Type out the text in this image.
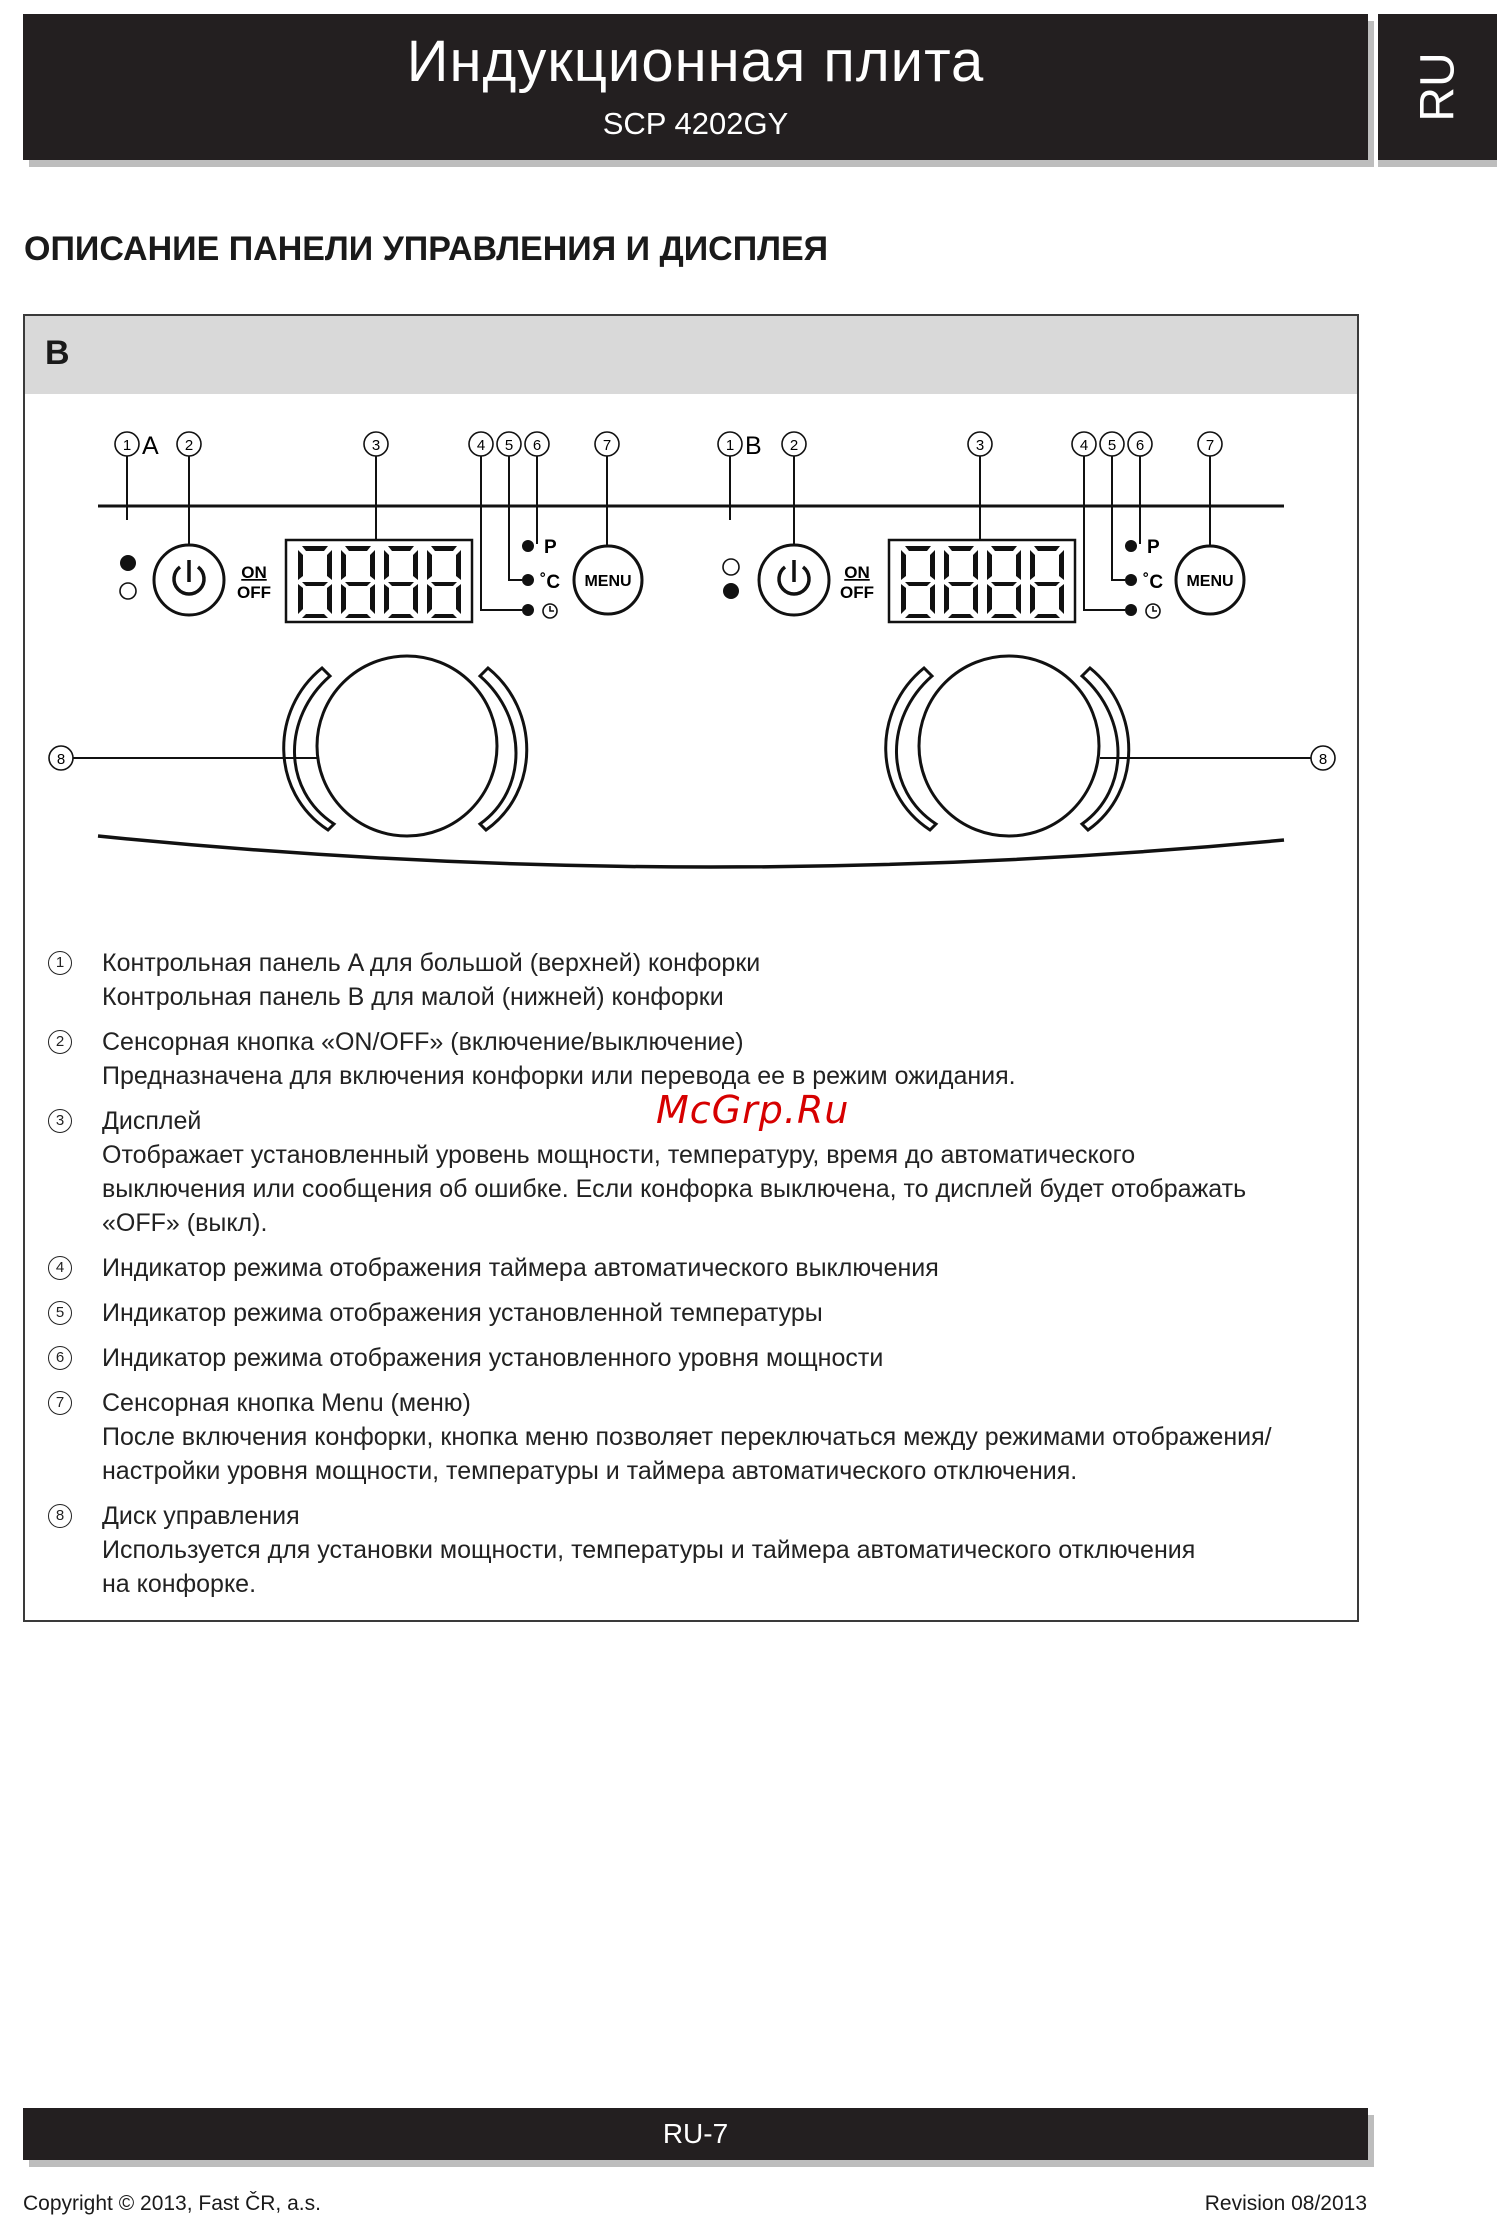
Индукционная плита
SCP 4202GY
RU
ОПИСАНИЕ ПАНЕЛИ УПРАВЛЕНИЯ И ДИСПЛЕЯ
B
1 A 2	3	4 5 6	7
ON
OFF
P
˚C MENU
8
1 B 2	3	4 5 6	7
ON
OFF
P
˚C MENU
8
1	Контрольная панель A для большой (верхней) конфорки
Контрольная панель B для малой (нижней) конфорки
2	Сенсорная кнопка «ON/OFF» (включение/выключение)
Предназначена для включения конфорки или перевода ее в режим ожидания.
3	Дисплей
Отображает установленный уровень мощности, температуру, время до автоматического
выключения или сообщения об ошибке. Если конфорка выключена, то дисплей будет отображать
«OFF» (выкл).
4	Индикатор режима отображения таймера автоматического выключения
5	Индикатор режима отображения установленной температуры
6	Индикатор режима отображения установленного уровня мощности
7	Сенсорная кнопка Menu (меню)
После включения конфорки, кнопка меню позволяет переключаться между режимами отображения/
настройки уровня мощности, температуры и таймера автоматического отключения.
8	Диск управления
Используется для установки мощности, температуры и таймера автоматического отключения
на конфорке.
McGrp.Ru
RU-7
Copyright © 2013, Fast ČR, a.s.	Revision 08/2013
